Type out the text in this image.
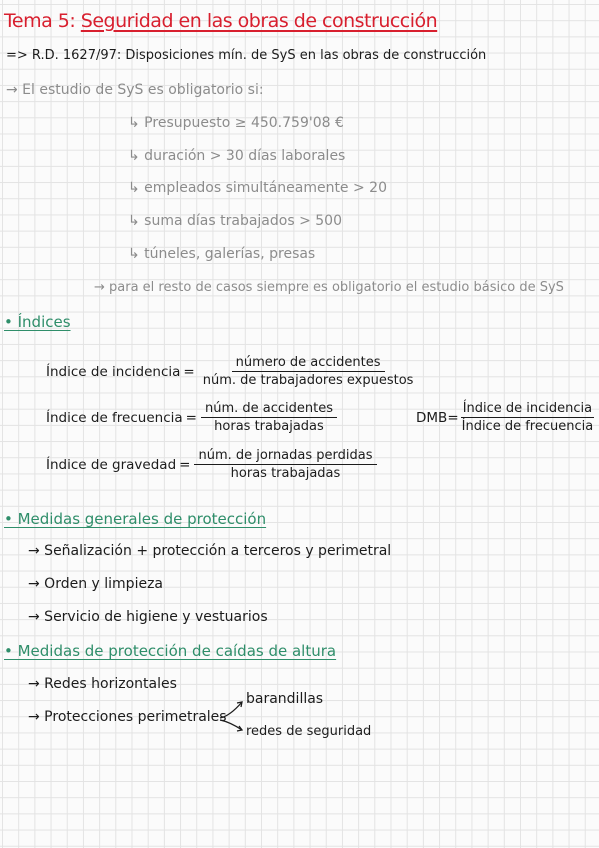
Tema 5: Seguridad en las obras de construcción
=> R.D. 1627/97: Disposiciones mín. de SyS en las obras de construcción
→ El estudio de SyS es obligatorio si:
↳ Presupuesto ≥ 450.759'08 €
↳ duración > 30 días laborales
↳ empleados simultáneamente > 20
↳ suma días trabajados > 500
↳ túneles, galerías, presas
→ para el resto de casos siempre es obligatorio el estudio básico de SyS
• Índices
Índice de incidencia = $\frac{\text{número de accidentes}}{\text{núm. de trabajadores expuestos}}$
Índice de frecuencia = $\frac{\text{núm. de accidentes}}{\text{horas trabajadas}}$	DMB = $\frac{\text{Índice de incidencia}}{\text{Índice de frecuencia}}$
Índice de gravedad = $\frac{\text{núm. de jornadas perdidas}}{\text{horas trabajadas}}$
• Medidas generales de protección
→ Señalización + protección a terceros y perimetral
→ Orden y limpieza
→ Servicio de higiene y vestuarios
• Medidas de protección de caídas de altura
→ Redes horizontales
→ Protecciones perimetrales
barandillas
redes de seguridad
